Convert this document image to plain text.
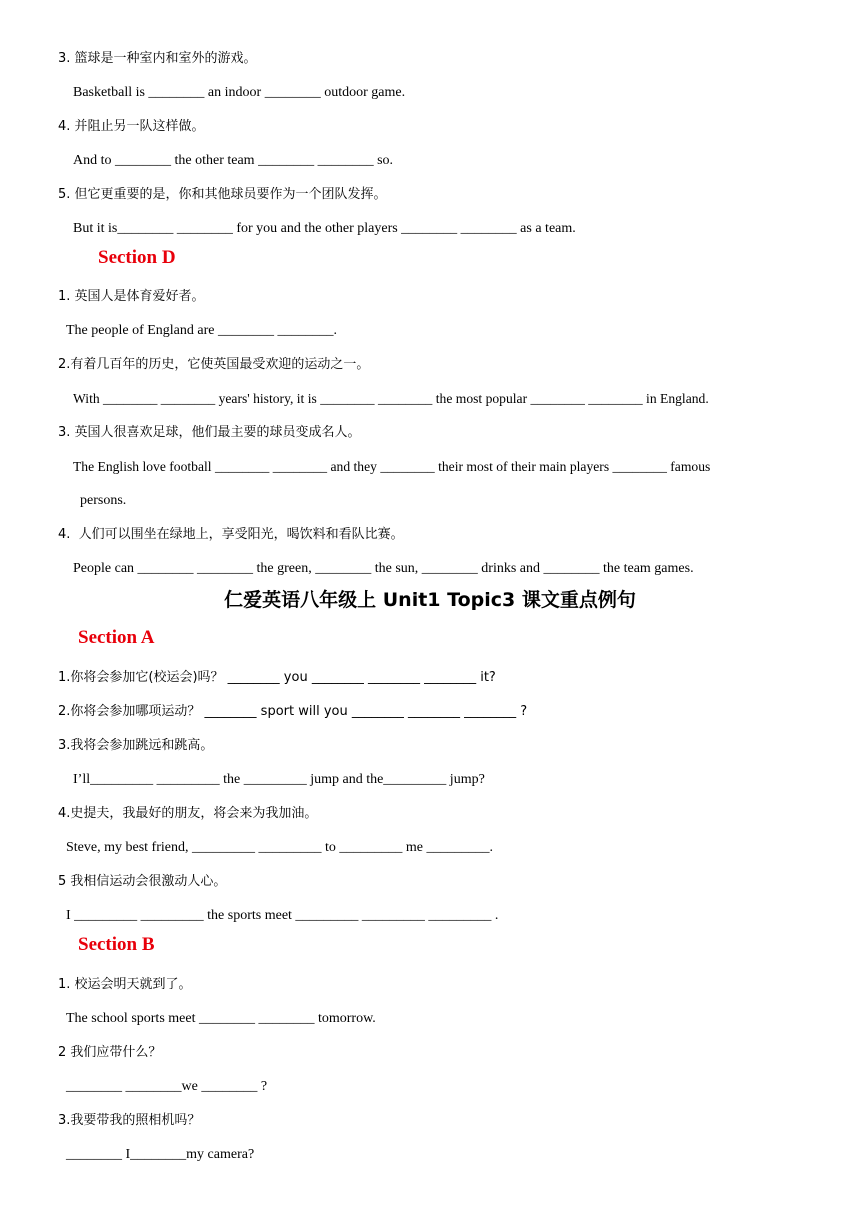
3. 篮球是一种室内和室外的游戏。
Basketball is ________ an indoor ________ outdoor game.
4. 并阻止另一队这样做。
And to ________ the other team ________ ________ so.
5. 但它更重要的是，你和其他球员要作为一个团队发挥。
But it is________ ________ for you and the other players ________ ________ as a team.
Section D
1. 英国人是体育爱好者。
The people of England are ________ ________.
2.有着几百年的历史，它使英国最受欢迎的运动之一。
With ________ ________ years' history, it is ________ ________ the most popular ________ ________ in England.
3. 英国人很喜欢足球，他们最主要的球员变成名人。
The English love football ________ ________ and they ________ their most of their main players ________ famous
persons.
4.  人们可以围坐在绿地上，享受阳光，喝饮料和看队比赛。
People can ________ ________ the green, ________ the sun, ________ drinks and ________ the team games.
仁爱英语八年级上 Unit1 Topic3 课文重点例句
Section A
1.你将会参加它(校运会)吗？ ________ you ________ ________ ________ it?
2.你将会参加哪项运动？ ________ sport will you ________ ________ ________ ?
3.我将会参加跳远和跳高。
I’ll_________ _________ the _________ jump and the_________ jump?
4.史提夫，我最好的朋友，将会来为我加油。
Steve, my best friend, _________ _________ to _________ me _________.
5 我相信运动会很激动人心。
I _________ _________ the sports meet _________ _________ _________ .
Section B
1. 校运会明天就到了。
The school sports meet ________ ________ tomorrow.
2 我们应带什么？
________ ________we ________ ?
3.我要带我的照相机吗？
________ I________my camera?
